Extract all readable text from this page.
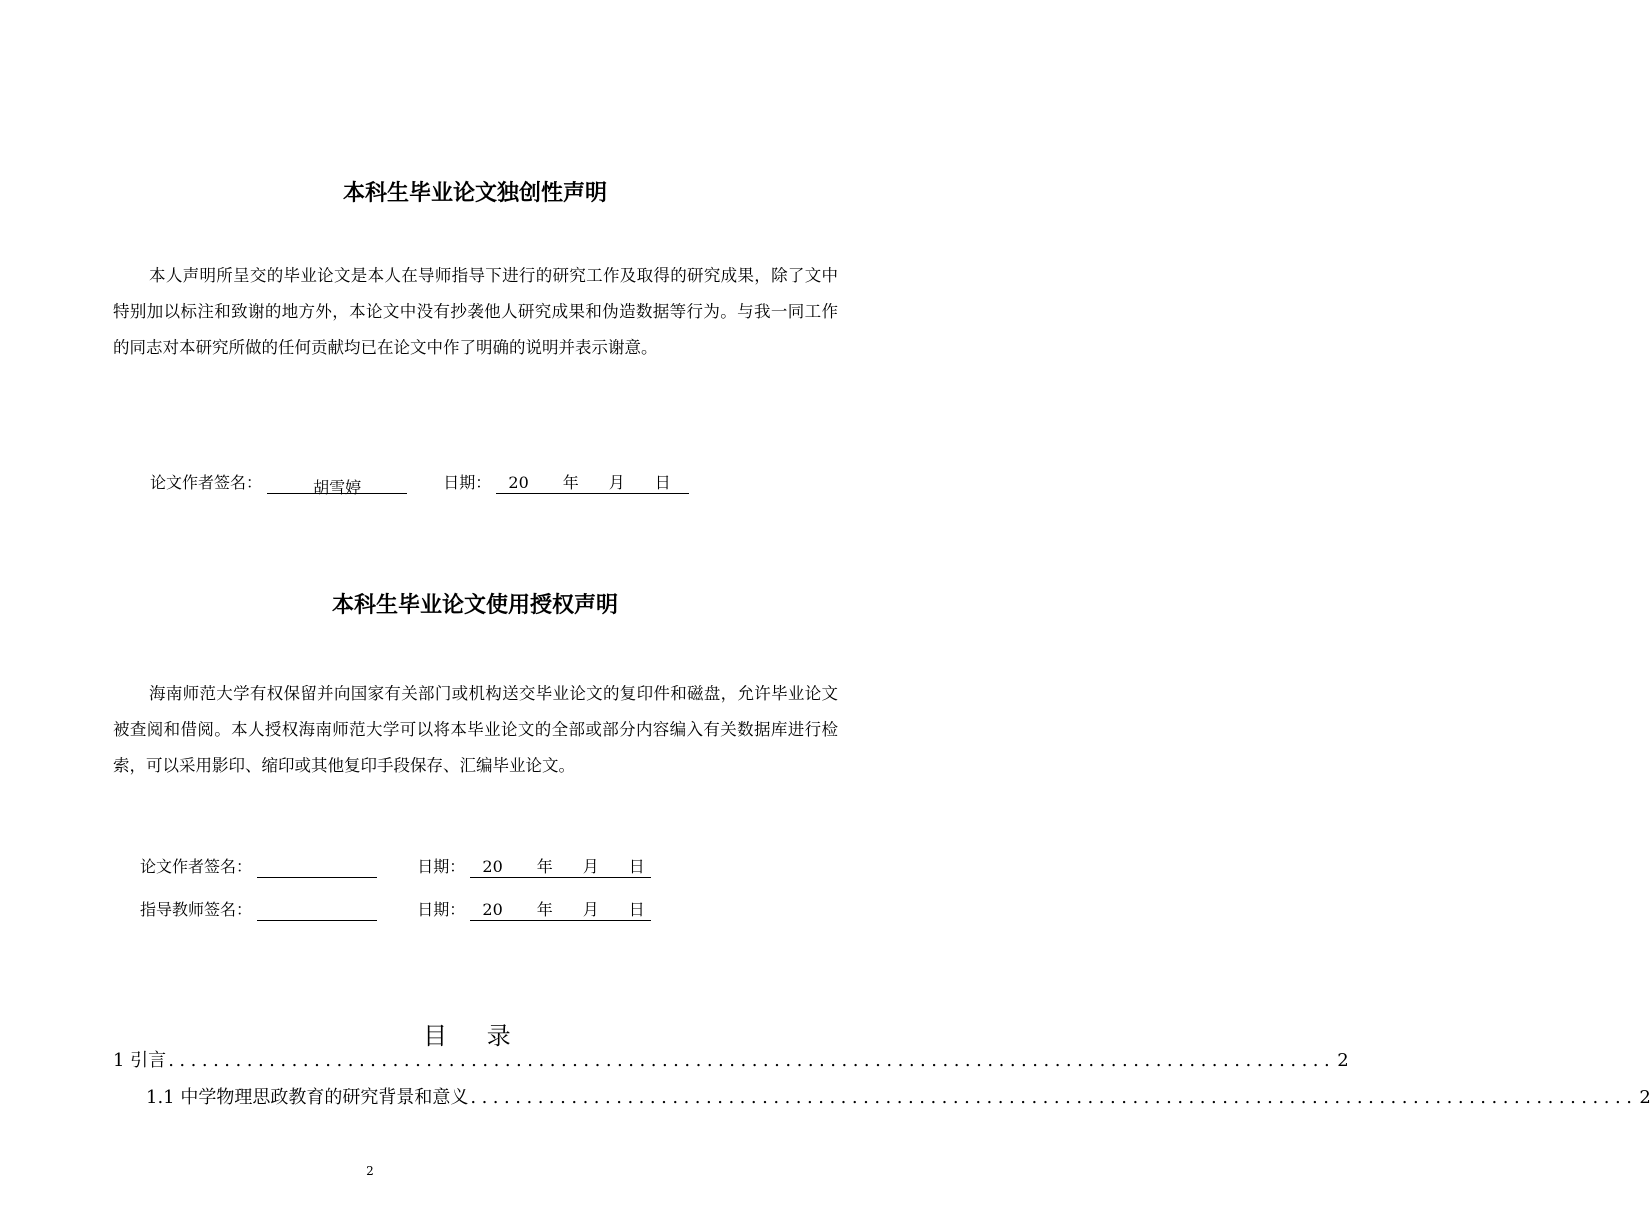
本科生毕业论文独创性声明
本人声明所呈交的毕业论文是本人在导师指导下进行的研究工作及取得的研究成果，除了文中特别加以标注和致谢的地方外，本论文中没有抄袭他人研究成果和伪造数据等行为。与我一同工作的同志对本研究所做的任何贡献均已在论文中作了明确的说明并表示谢意。
论文作者签名：	胡雪婷	日期： 20 年 月 日
本科生毕业论文使用授权声明
海南师范大学有权保留并向国家有关部门或机构送交毕业论文的复印件和磁盘，允许毕业论文被查阅和借阅。本人授权海南师范大学可以将本毕业论文的全部或部分内容编入有关数据库进行检索，可以采用影印、缩印或其他复印手段保存、汇编毕业论文。
论文作者签名：	日期： 20 年 月 日
指导教师签名：	日期： 20 年 月 日
目 录
1 引言 ........................................................................................................ 2
1.1 中学物理思政教育的研究背景和意义 ........................................................................................................ 2
2
